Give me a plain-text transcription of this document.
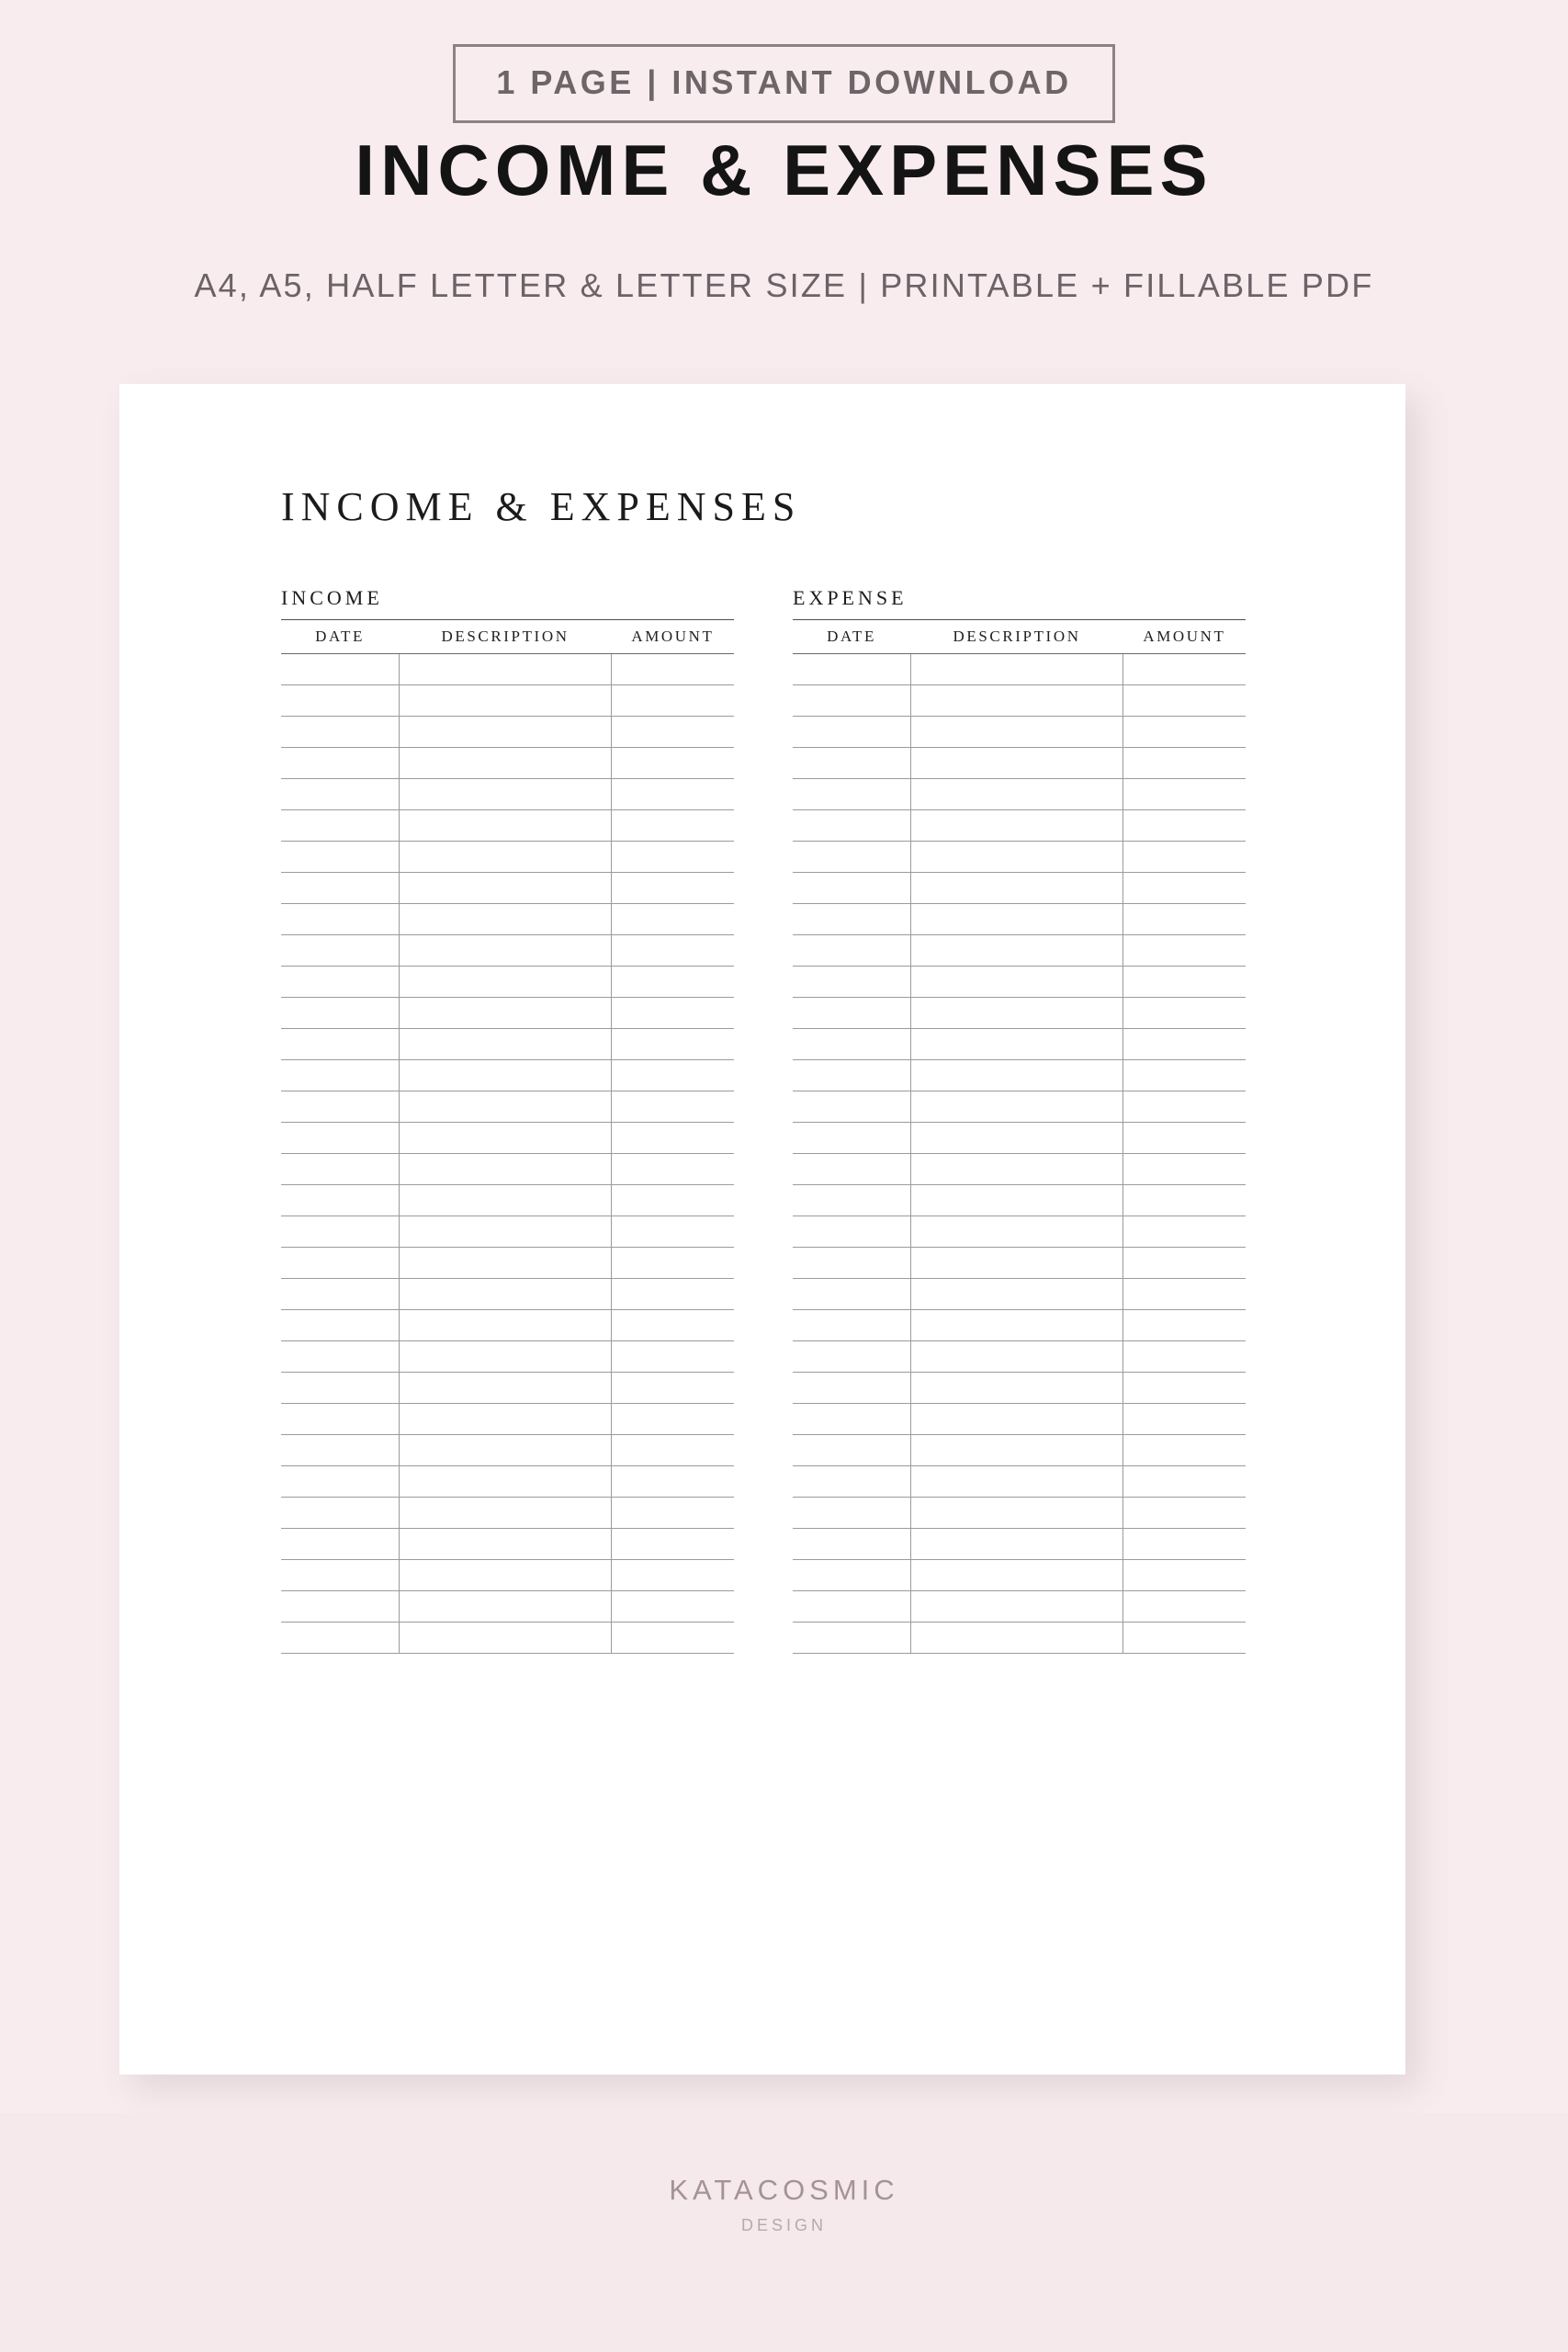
1 PAGE | INSTANT DOWNLOAD
INCOME & EXPENSES
A4, A5, HALF LETTER & LETTER SIZE | PRINTABLE + FILLABLE PDF
INCOME & EXPENSES
INCOME
DATE	DESCRIPTION	AMOUNT

EXPENSE
DATE	DESCRIPTION	AMOUNT

KATACOSMIC
DESIGN
